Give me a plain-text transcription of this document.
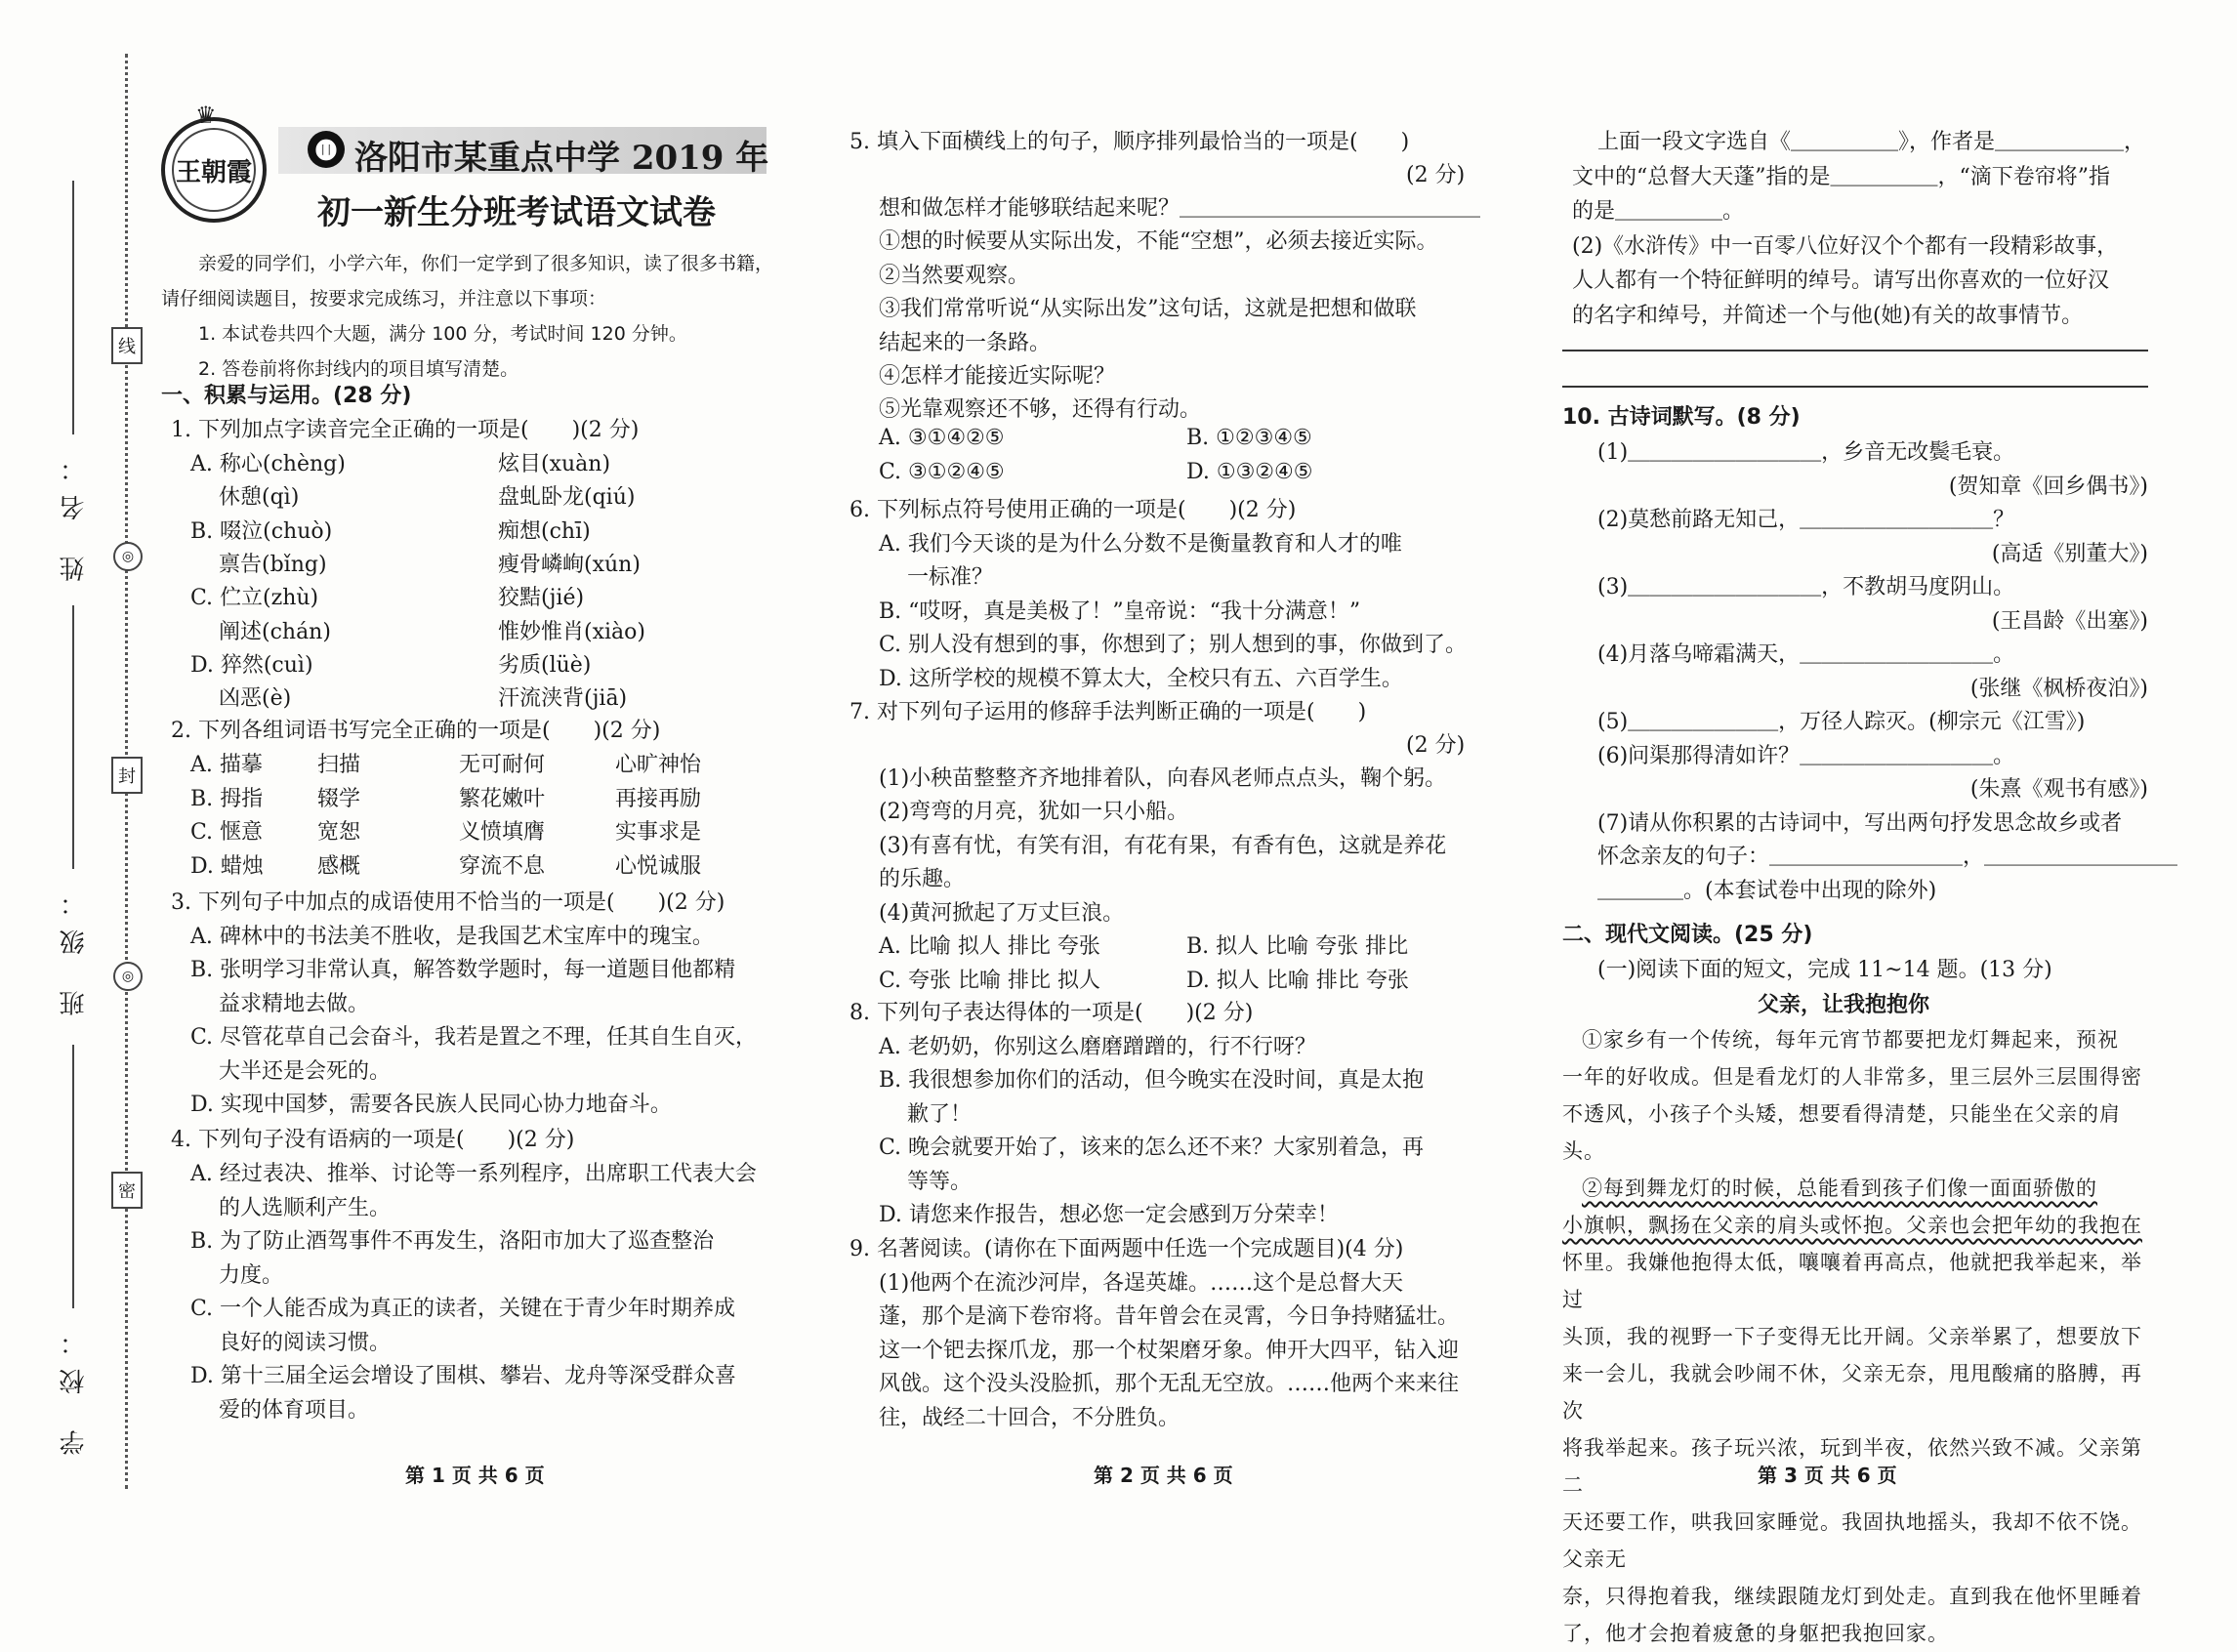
姓 名：
班 级：
学 校：
线
封
密
◎
◎
王朝霞
♛
⓫ 洛阳市某重点中学 2019 年
初一新生分班考试语文试卷
亲爱的同学们，小学六年，你们一定学到了很多知识，读了很多书籍，请仔细阅读题目，按要求完成练习，并注意以下事项：
1. 本试卷共四个大题，满分 100 分，考试时间 120 分钟。
2. 答卷前将你封线内的项目填写清楚。
一、积累与运用。(28 分)
1. 下列加点字读音完全正确的一项是(　　)(2 分)
2. 下列各组词语书写完全正确的一项是(　　)(2 分)
3. 下列句子中加点的成语使用不恰当的一项是(　　)(2 分)
4. 下列句子没有语病的一项是(　　)(2 分)
第 1 页 共 6 页
A. 称心(chèng)	炫目(xuàn)
　 休憩(qì)	盘虬卧龙(qiú)
B. 啜泣(chuò)	痴想(chī)
　 禀告(bǐng)	瘦骨嶙峋(xún)
C. 伫立(zhù)	狡黠(jié)
　 阐述(chán)	惟妙惟肖(xiào)
D. 猝然(cuì)	劣质(lüè)
　 凶恶(è)	汗流浃背(jiā)
A. 描摹	扫描	无可耐何	心旷神怡
B. 拇指	辍学	繁花嫩叶	再接再励
C. 惬意	宽恕	义愤填膺	实事求是
D. 蜡烛	感概	穿流不息	心悦诚服
A. 碑林中的书法美不胜收，是我国艺术宝库中的瑰宝。
B. 张明学习非常认真，解答数学题时，每一道题目他都精
　 益求精地去做。
C. 尽管花草自己会奋斗，我若是置之不理，任其自生自灭，
　 大半还是会死的。
D. 实现中国梦，需要各民族人民同心协力地奋斗。
A. 经过表决、推举、讨论等一系列程序，出席职工代表大会
　 的人选顺利产生。
B. 为了防止酒驾事件不再发生，洛阳市加大了巡查整治
　 力度。
C. 一个人能否成为真正的读者，关键在于青少年时期养成
　 良好的阅读习惯。
D. 第十三届全运会增设了围棋、攀岩、龙舟等深受群众喜
　 爱的体育项目。
5. 填入下面横线上的句子，顺序排列最恰当的一项是(　　)
(2 分)
6. 下列标点符号使用正确的一项是(　　)(2 分)
7. 对下列句子运用的修辞手法判断正确的一项是(　　)
(2 分)
8. 下列句子表达得体的一项是(　　)(2 分)
9. 名著阅读。(请你在下面两题中任选一个完成题目)(4 分)
第 2 页 共 6 页
想和做怎样才能够联结起来呢？＿＿＿＿＿＿＿＿＿＿＿＿＿＿
①想的时候要从实际出发，不能“空想”，必须去接近实际。
②当然要观察。
③我们常常听说“从实际出发”这句话，这就是把想和做联
结起来的一条路。
④怎样才能接近实际呢？
⑤光靠观察还不够，还得有行动。
A. ③①④②⑤	B. ①②③④⑤
C. ③①②④⑤	D. ①③②④⑤
A. 我们今天谈的是为什么分数不是衡量教育和人才的唯
　 一标准？
B. “哎呀，真是美极了！”皇帝说：“我十分满意！”
C. 别人没有想到的事，你想到了；别人想到的事，你做到了。
D. 这所学校的规模不算太大，全校只有五、六百学生。
(1)小秧苗整整齐齐地排着队，向春风老师点点头，鞠个躬。
(2)弯弯的月亮，犹如一只小船。
(3)有喜有忧，有笑有泪，有花有果，有香有色，这就是养花
的乐趣。
(4)黄河掀起了万丈巨浪。
A. 比喻 拟人 排比 夸张	B. 拟人 比喻 夸张 排比
C. 夸张 比喻 排比 拟人	D. 拟人 比喻 排比 夸张
A. 老奶奶，你别这么磨磨蹭蹭的，行不行呀？
B. 我很想参加你们的活动，但今晚实在没时间，真是太抱
　 歉了！
C. 晚会就要开始了，该来的怎么还不来？大家别着急，再
　 等等。
D. 请您来作报告，想必您一定会感到万分荣幸！
(1)他两个在流沙河岸，各逞英雄。……这个是总督大天
蓬，那个是滴下卷帘将。昔年曾会在灵霄，今日争持赌猛壮。
这一个钯去探爪龙，那一个杖架磨牙象。伸开大四平，钻入迎
风戗。这个没头没脸抓，那个无乱无空放。……他两个来来往
往，战经二十回合，不分胜负。
10. 古诗词默写。(8 分)
二、现代文阅读。(25 分)
(一)阅读下面的短文，完成 11~14 题。(13 分)
父亲，让我抱抱你
①家乡有一个传统，每年元宵节都要把龙灯舞起来，预祝
一年的好收成。但是看龙灯的人非常多，里三层外三层围得密
不透风，小孩子个头矮，想要看得清楚，只能坐在父亲的肩头。
②每到舞龙灯的时候，总能看到孩子们像一面面骄傲的
小旗帜，飘扬在父亲的肩头或怀抱。父亲也会把年幼的我抱在
怀里。我嫌他抱得太低，嚷嚷着再高点，他就把我举起来，举过
头顶，我的视野一下子变得无比开阔。父亲举累了，想要放下
来一会儿，我就会吵闹不休，父亲无奈，甩甩酸痛的胳膊，再次
将我举起来。孩子玩兴浓，玩到半夜，依然兴致不减。父亲第二
天还要工作，哄我回家睡觉。我固执地摇头，我却不依不饶。父亲无
奈，只得抱着我，继续跟随龙灯到处走。直到我在他怀里睡着
了，他才会抱着疲惫的身躯把我抱回家。
第 3 页 共 6 页
上面一段文字选自《＿＿＿＿＿》，作者是＿＿＿＿＿＿，
文中的“总督大天蓬”指的是＿＿＿＿＿，“滴下卷帘将”指
的是＿＿＿＿＿。
(2)《水浒传》中一百零八位好汉个个都有一段精彩故事，
人人都有一个特征鲜明的绰号。请写出你喜欢的一位好汉
的名字和绰号，并简述一个与他(她)有关的故事情节。
(1)＿＿＿＿＿＿＿＿＿，乡音无改鬓毛衰。
(贺知章《回乡偶书》)
(2)莫愁前路无知己，＿＿＿＿＿＿＿＿＿？
(高适《别董大》)
(3)＿＿＿＿＿＿＿＿＿，不教胡马度阴山。
(王昌龄《出塞》)
(4)月落乌啼霜满天，＿＿＿＿＿＿＿＿＿。
(张继《枫桥夜泊》)
(5)＿＿＿＿＿＿＿，万径人踪灭。(柳宗元《江雪》)
(6)问渠那得清如许？＿＿＿＿＿＿＿＿＿。
(朱熹《观书有感》)
(7)请从你积累的古诗词中，写出两句抒发思念故乡或者
怀念亲友的句子：＿＿＿＿＿＿＿＿＿，＿＿＿＿＿＿＿＿＿
＿＿＿＿。(本套试卷中出现的除外)
